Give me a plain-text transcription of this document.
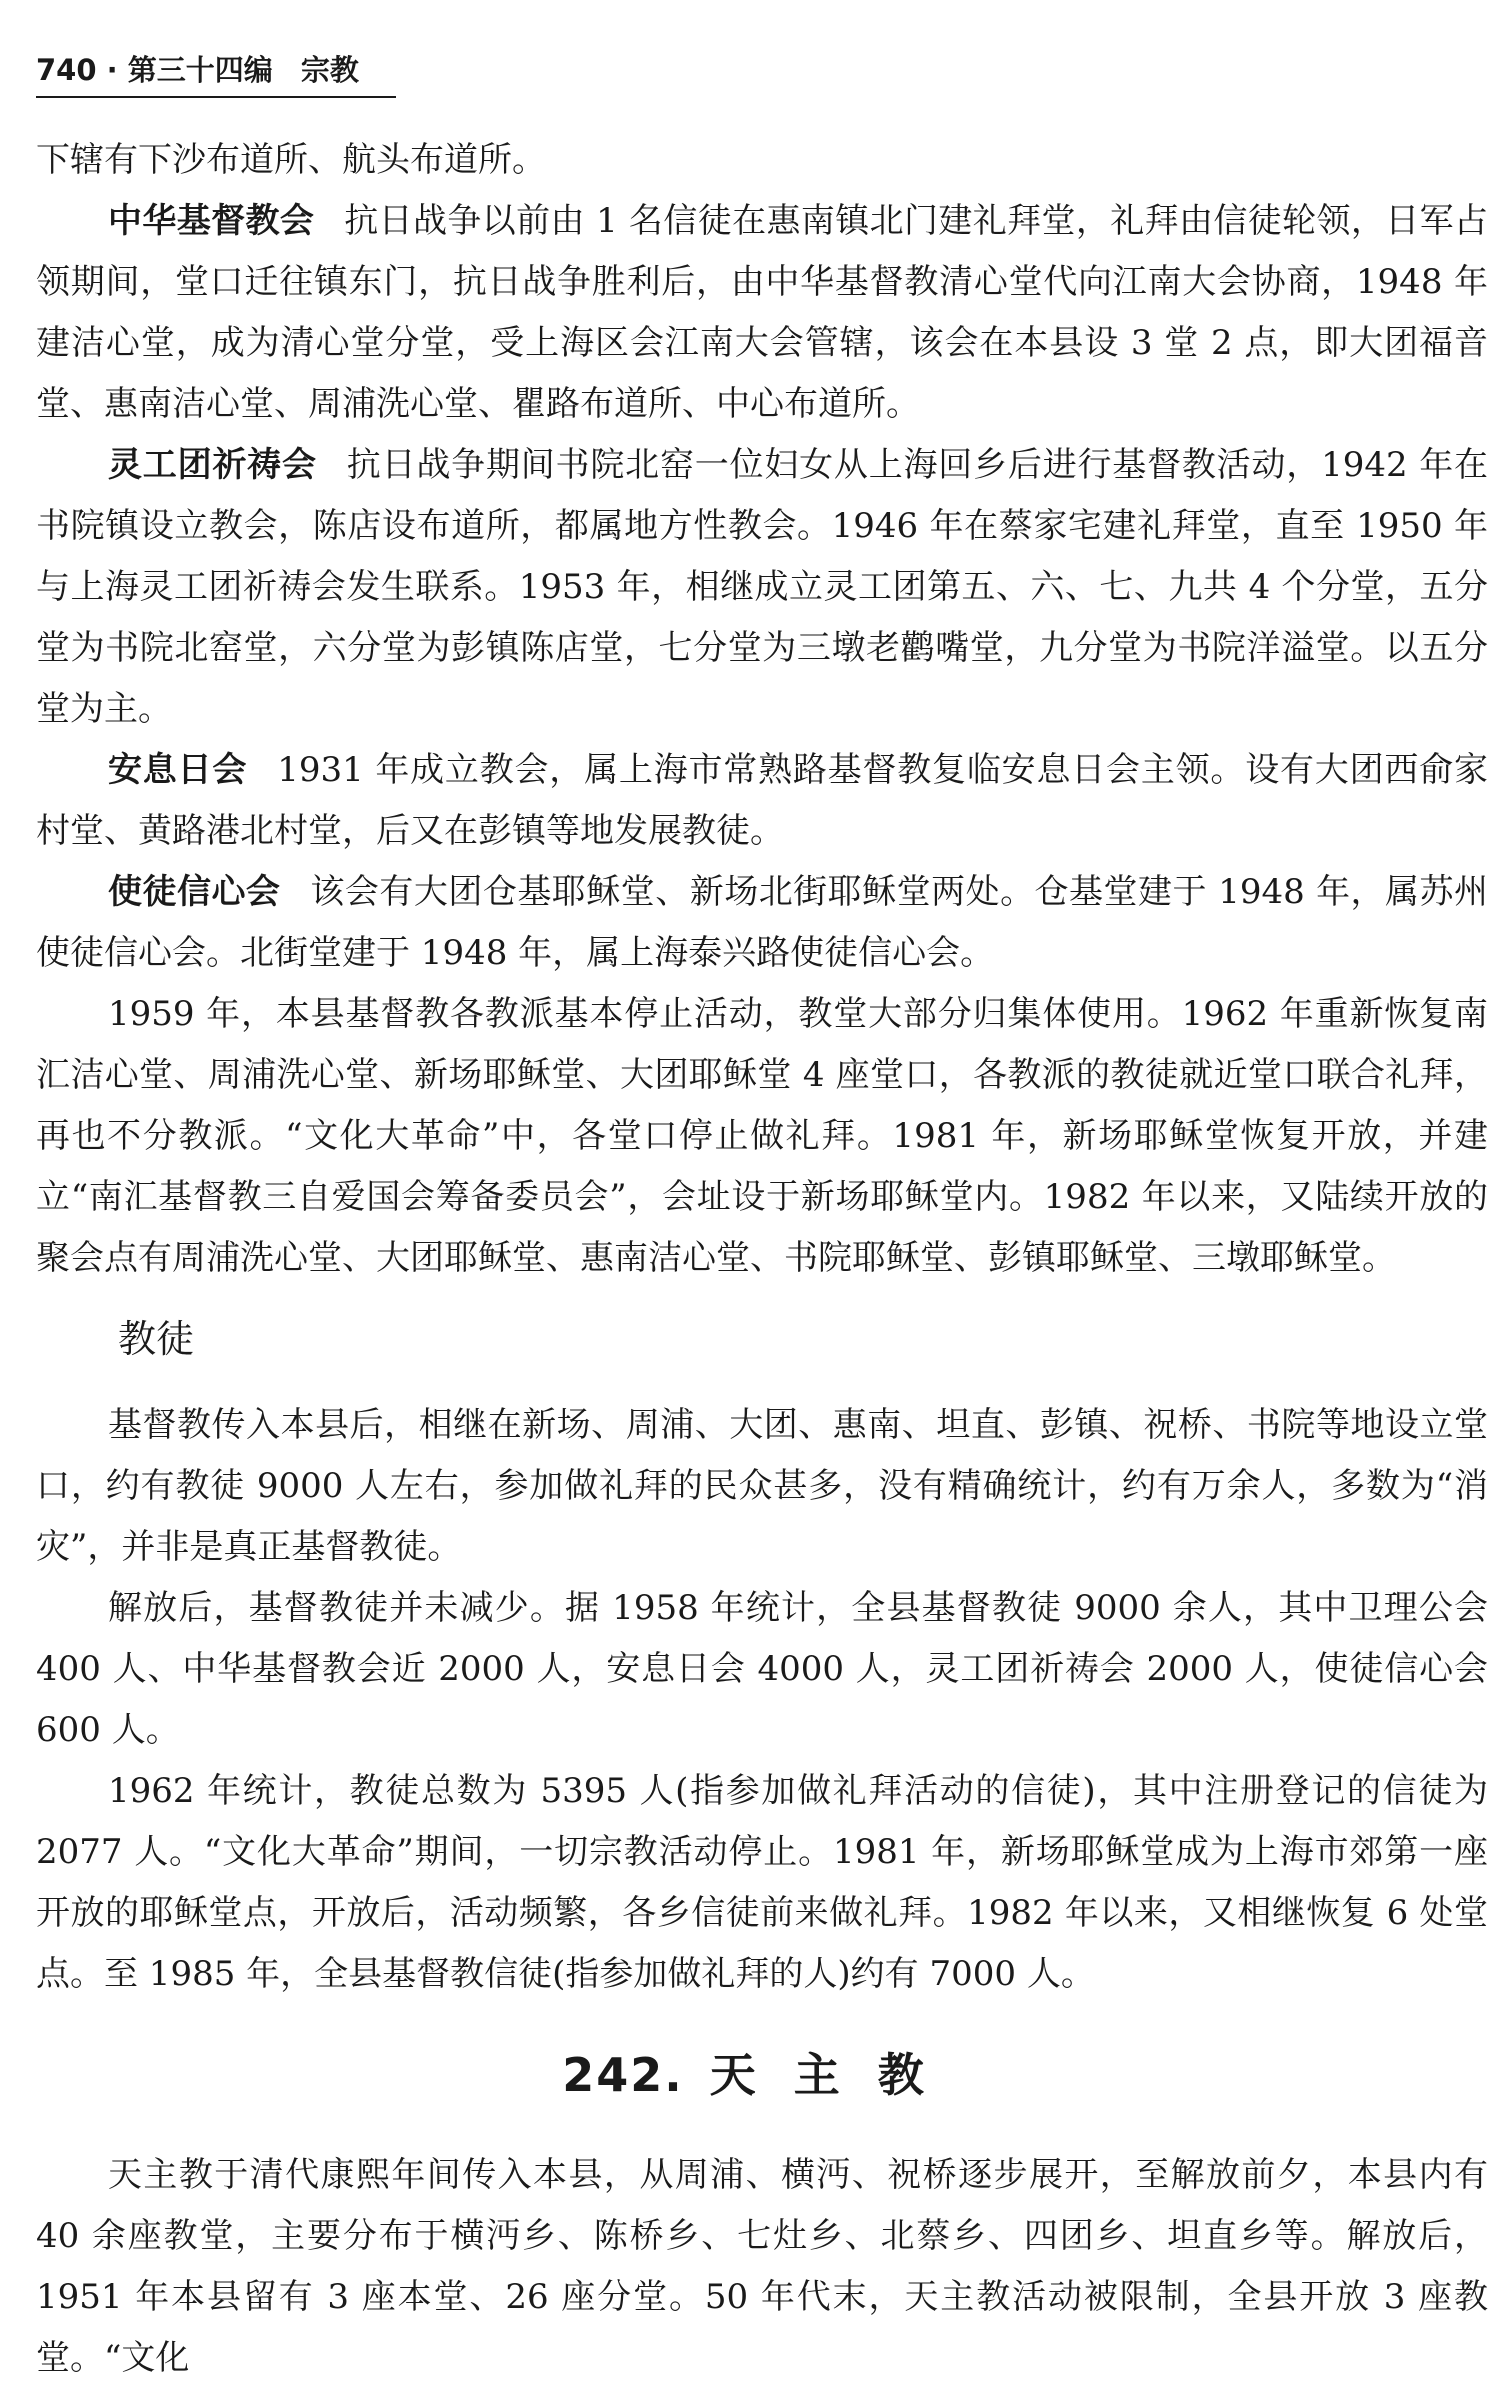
740 · 第三十四编 宗教

下辖有下沙布道所、航头布道所。

中华基督教会 抗日战争以前由 1 名信徒在惠南镇北门建礼拜堂，礼拜由信徒轮领，日军占领期间，堂口迁往镇东门，抗日战争胜利后，由中华基督教清心堂代向江南大会协商，1948 年建洁心堂，成为清心堂分堂，受上海区会江南大会管辖，该会在本县设 3 堂 2 点，即大团福音堂、惠南洁心堂、周浦洗心堂、瞿路布道所、中心布道所。

灵工团祈祷会 抗日战争期间书院北窑一位妇女从上海回乡后进行基督教活动，1942 年在书院镇设立教会，陈店设布道所，都属地方性教会。1946 年在蔡家宅建礼拜堂，直至 1950 年与上海灵工团祈祷会发生联系。1953 年，相继成立灵工团第五、六、七、九共 4 个分堂，五分堂为书院北窑堂，六分堂为彭镇陈店堂，七分堂为三墩老鹳嘴堂，九分堂为书院洋溢堂。以五分堂为主。

安息日会 1931 年成立教会，属上海市常熟路基督教复临安息日会主领。设有大团西俞家村堂、黄路港北村堂，后又在彭镇等地发展教徒。

使徒信心会 该会有大团仓基耶稣堂、新场北街耶稣堂两处。仓基堂建于 1948 年，属苏州使徒信心会。北街堂建于 1948 年，属上海泰兴路使徒信心会。

1959 年，本县基督教各教派基本停止活动，教堂大部分归集体使用。1962 年重新恢复南汇洁心堂、周浦洗心堂、新场耶稣堂、大团耶稣堂 4 座堂口，各教派的教徒就近堂口联合礼拜，再也不分教派。“文化大革命”中，各堂口停止做礼拜。1981 年，新场耶稣堂恢复开放，并建立“南汇基督教三自爱国会筹备委员会”，会址设于新场耶稣堂内。1982 年以来，又陆续开放的聚会点有周浦洗心堂、大团耶稣堂、惠南洁心堂、书院耶稣堂、彭镇耶稣堂、三墩耶稣堂。

教徒

基督教传入本县后，相继在新场、周浦、大团、惠南、坦直、彭镇、祝桥、书院等地设立堂口，约有教徒 9000 人左右，参加做礼拜的民众甚多，没有精确统计，约有万余人，多数为“消灾”，并非是真正基督教徒。

解放后，基督教徒并未减少。据 1958 年统计，全县基督教徒 9000 余人，其中卫理公会 400 人、中华基督教会近 2000 人，安息日会 4000 人，灵工团祈祷会 2000 人，使徒信心会 600 人。

1962 年统计，教徒总数为 5395 人(指参加做礼拜活动的信徒)，其中注册登记的信徒为 2077 人。“文化大革命”期间，一切宗教活动停止。1981 年，新场耶稣堂成为上海市郊第一座开放的耶稣堂点，开放后，活动频繁，各乡信徒前来做礼拜。1982 年以来，又相继恢复 6 处堂点。至 1985 年，全县基督教信徒(指参加做礼拜的人)约有 7000 人。

242. 天主教

天主教于清代康熙年间传入本县，从周浦、横沔、祝桥逐步展开，至解放前夕，本县内有 40 余座教堂，主要分布于横沔乡、陈桥乡、七灶乡、北蔡乡、四团乡、坦直乡等。解放后，1951 年本县留有 3 座本堂、26 座分堂。50 年代末，天主教活动被限制，全县开放 3 座教堂。“文化
